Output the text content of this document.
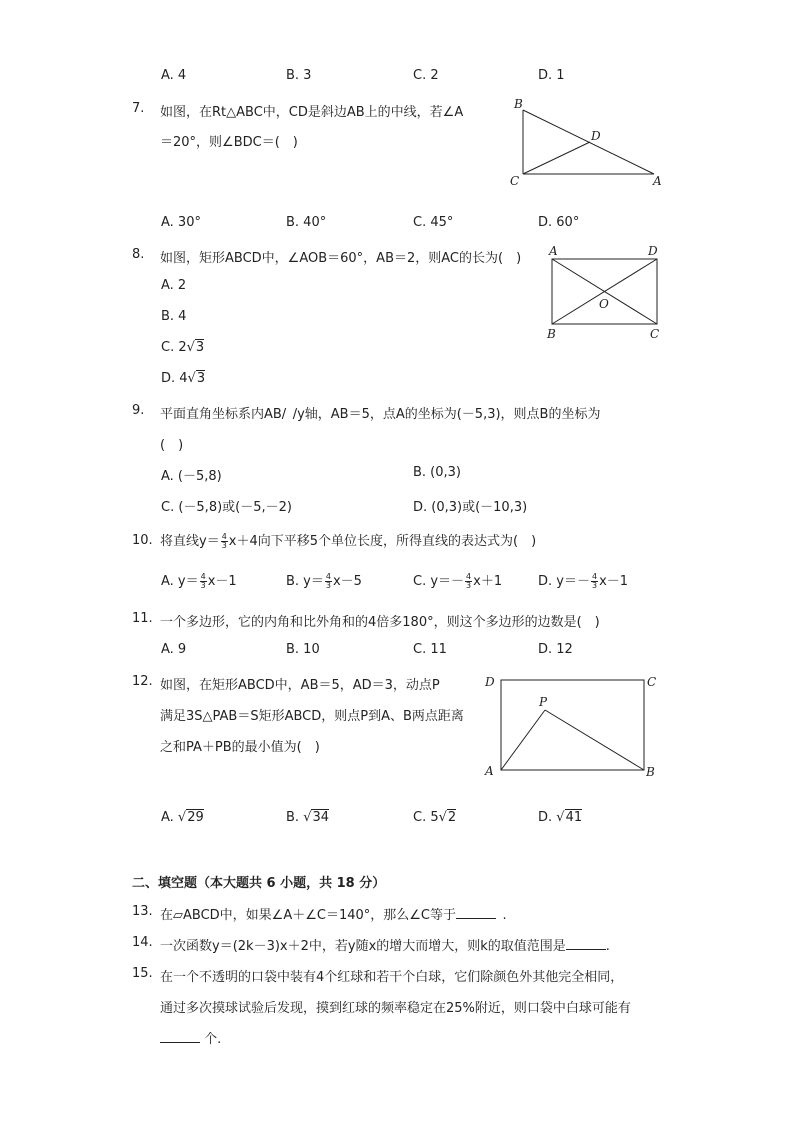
A. 4	B. 3	C. 2	D. 1
7. 如图，在Rt△ABC中，CD是斜边AB上的中线，若∠A
＝20°，则∠BDC＝(　)
B
D
C	A
A. 30°	B. 40°	C. 45°	D. 60°
8. 如图，矩形ABCD中，∠AOB＝60°，AB＝2，则AC的长为(　) A	D
O
B	C
A. 2
B. 4
C. 2√3
D. 4√3
9. 平面直角坐标系内AB/ /y轴，AB＝5，点A的坐标为(－5,3)，则点B的坐标为
(　)
A. (－5,8)	B. (0,3)
C. (－5,8)或(－5,－2)	D. (0,3)或(－10,3)
10. 将直线$y= \frac{4}{3} x+4$向下平移5个单位长度，所得直线的表达式为(　)
A. $y= \frac{4}{3} x-1$	B. $y= \frac{4}{3} x-5$	C. $y=- \frac{4}{3} x+1$	D. $y=- \frac{4}{3} x-1$
11. 一个多边形，它的内角和比外角和的4倍多180°，则这个多边形的边数是(　)
A. 9	B. 10	C. 11	D. 12
12. 如图，在矩形ABCD中，AB＝5，AD＝3，动点P
满足3S△PAB＝S矩形ABCD，则点P到A、B两点距离
之和PA＋PB的最小值为(　)
D	C
P
A	B
A. √29	B. √34	C. 5√2	D. √41
二、填空题（本大题共 6 小题，共 18 分）
13. 在▱ABCD中，如果∠A＋∠C＝140°，那么∠C等于	 .
14. 一次函数y＝(2k－3)x＋2中，若y随x的增大而增大，则k的取值范围是	.
15. 在一个不透明的口袋中装有4个红球和若干个白球，它们除颜色外其他完全相同，
通过多次摸球试验后发现，摸到红球的频率稳定在25%附近，则口袋中白球可能有
个.
